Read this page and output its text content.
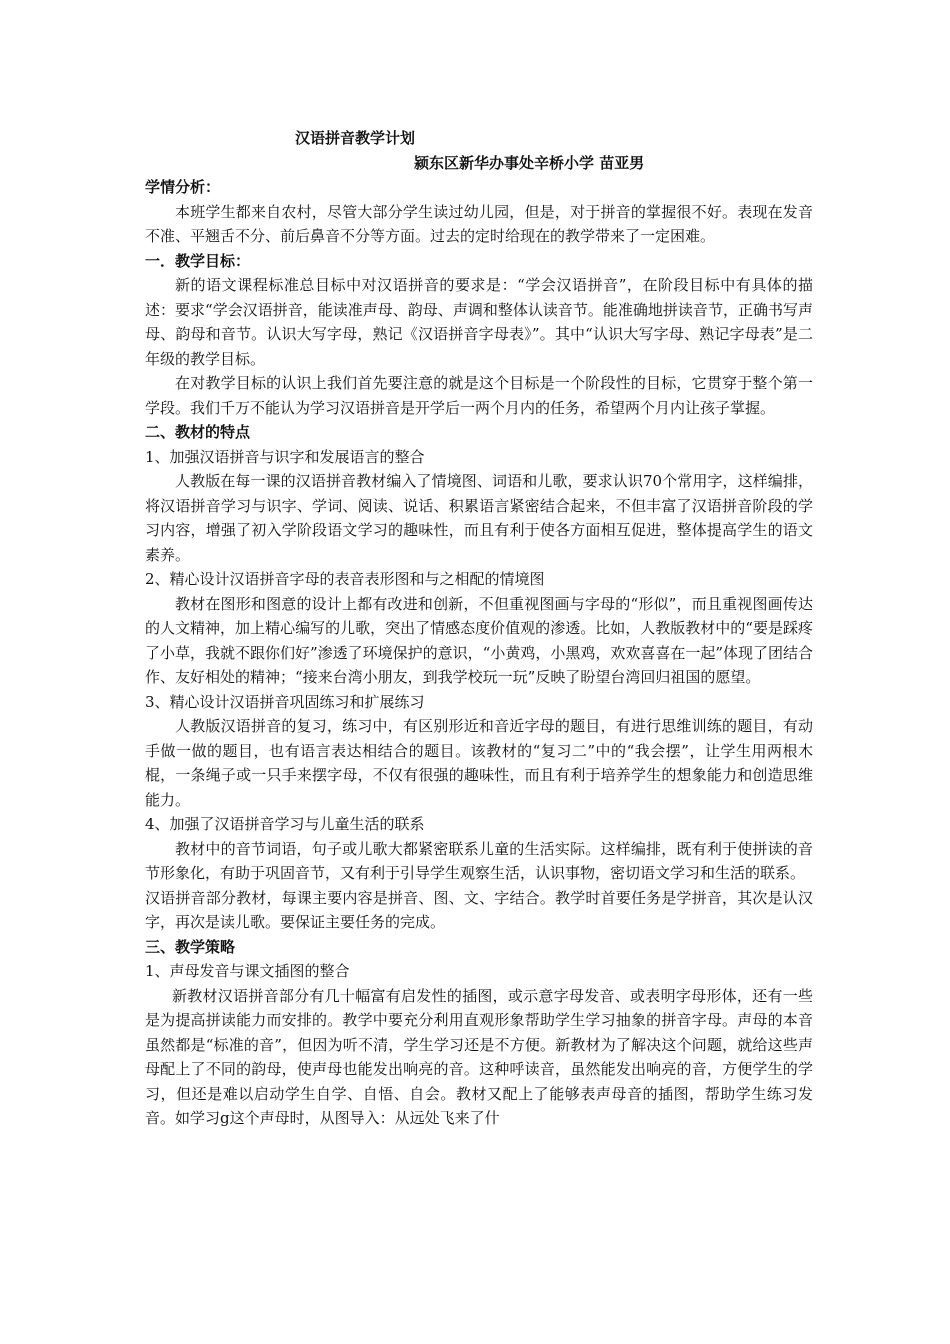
汉语拼音教学计划
颍东区新华办事处辛桥小学 苗亚男

学情分析：

本班学生都来自农村，尽管大部分学生读过幼儿园，但是，对于拼音的掌握很不好。表现在发音不准、平翘舌不分、前后鼻音不分等方面。过去的定时给现在的教学带来了一定困难。

一．教学目标：

新的语文课程标准总目标中对汉语拼音的要求是：“学会汉语拼音”，在阶段目标中有具体的描述：要求“学会汉语拼音，能读准声母、韵母、声调和整体认读音节。能准确地拼读音节，正确书写声母、韵母和音节。认识大写字母，熟记《汉语拼音字母表》”。其中“认识大写字母、熟记字母表”是二年级的教学目标。

在对教学目标的认识上我们首先要注意的就是这个目标是一个阶段性的目标，它贯穿于整个第一学段。我们千万不能认为学习汉语拼音是开学后一两个月内的任务，希望两个月内让孩子掌握。

二、教材的特点

1、加强汉语拼音与识字和发展语言的整合

人教版在每一课的汉语拼音教材编入了情境图、词语和儿歌，要求认识70个常用字，这样编排，将汉语拼音学习与识字、学词、阅读、说话、积累语言紧密结合起来，不但丰富了汉语拼音阶段的学习内容，增强了初入学阶段语文学习的趣味性，而且有利于使各方面相互促进，整体提高学生的语文素养。

2、精心设计汉语拼音字母的表音表形图和与之相配的情境图

教材在图形和图意的设计上都有改进和创新，不但重视图画与字母的“形似”，而且重视图画传达的人文精神，加上精心编写的儿歌，突出了情感态度价值观的渗透。比如，人教版教材中的“要是踩疼了小草，我就不跟你们好”渗透了环境保护的意识，“小黄鸡，小黑鸡，欢欢喜喜在一起”体现了团结合作、友好相处的精神；“接来台湾小朋友，到我学校玩一玩”反映了盼望台湾回归祖国的愿望。

3、精心设计汉语拼音巩固练习和扩展练习

人教版汉语拼音的复习，练习中，有区别形近和音近字母的题目，有进行思维训练的题目，有动手做一做的题目，也有语言表达相结合的题目。该教材的“复习二”中的“我会摆”，让学生用两根木棍，一条绳子或一只手来摆字母，不仅有很强的趣味性，而且有利于培养学生的想象能力和创造思维能力。

4、加强了汉语拼音学习与儿童生活的联系

教材中的音节词语，句子或儿歌大都紧密联系儿童的生活实际。这样编排，既有利于使拼读的音节形象化，有助于巩固音节，又有利于引导学生观察生活，认识事物，密切语文学习和生活的联系。

汉语拼音部分教材，每课主要内容是拼音、图、文、字结合。教学时首要任务是学拼音，其次是认汉字，再次是读儿歌。要保证主要任务的完成。

三、教学策略

1、声母发音与课文插图的整合

新教材汉语拼音部分有几十幅富有启发性的插图，或示意字母发音、或表明字母形体，还有一些是为提高拼读能力而安排的。教学中要充分利用直观形象帮助学生学习抽象的拼音字母。声母的本音虽然都是“标准的音”，但因为听不清，学生学习还是不方便。新教材为了解决这个问题，就给这些声母配上了不同的韵母，使声母也能发出响亮的音。这种呼读音，虽然能发出响亮的音，方便学生的学习，但还是难以启动学生自学、自悟、自会。教材又配上了能够表声母音的插图，帮助学生练习发音。如学习g这个声母时，从图导入：从远处飞来了什
